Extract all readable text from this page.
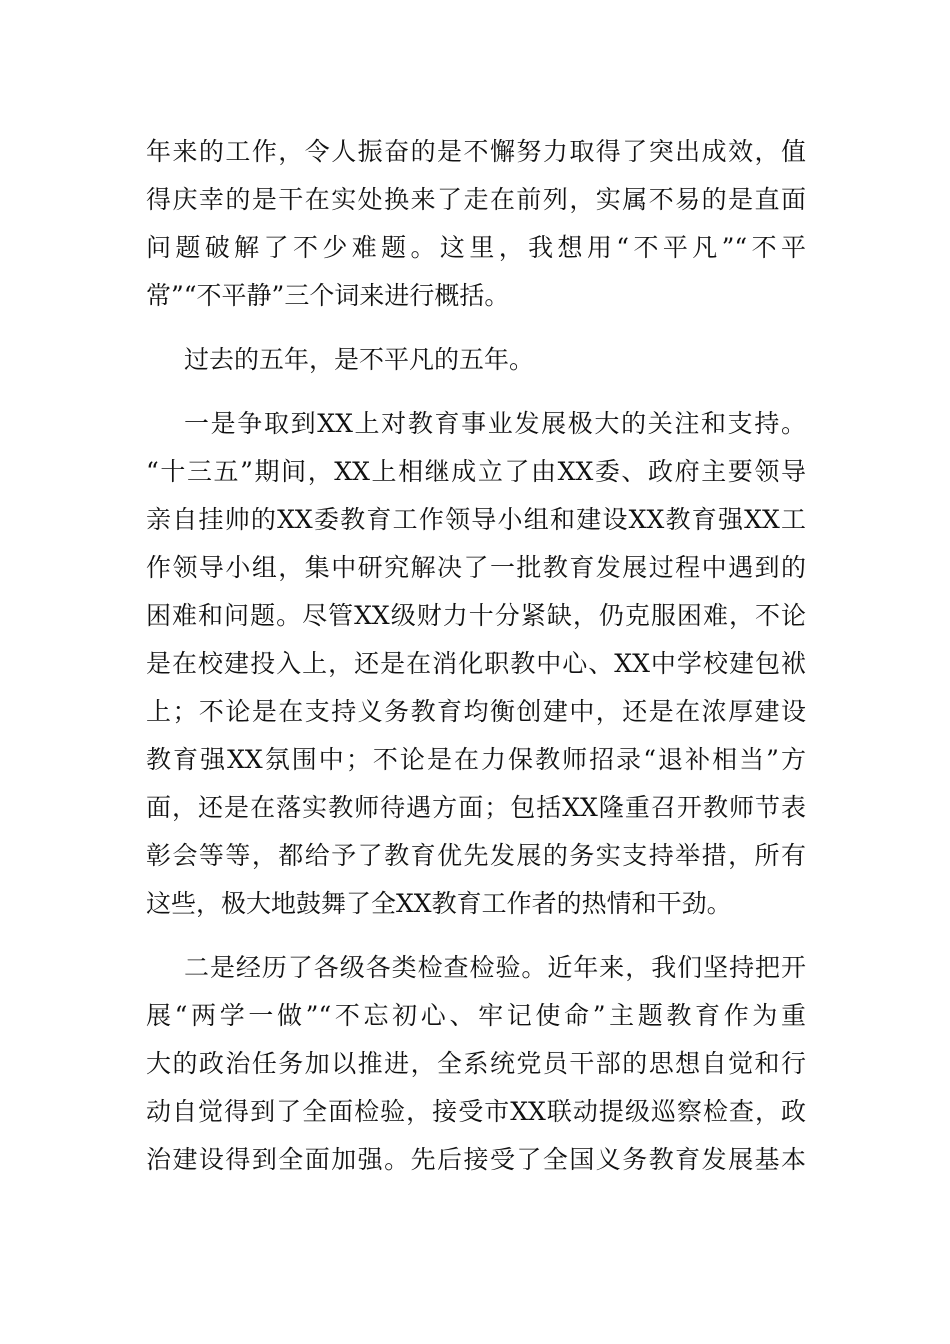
年来的工作，令人振奋的是不懈努力取得了突出成效，值
得庆幸的是干在实处换来了走在前列，实属不易的是直面
问题破解了不少难题。这里，我想用“不平凡”“不平
常”“不平静”三个词来进行概括。
过去的五年，是不平凡的五年。
一是争取到XX上对教育事业发展极大的关注和支持。
“十三五”期间，XX上相继成立了由XX委、政府主要领导
亲自挂帅的XX委教育工作领导小组和建设XX教育强XX工
作领导小组，集中研究解决了一批教育发展过程中遇到的
困难和问题。尽管XX级财力十分紧缺，仍克服困难，不论
是在校建投入上，还是在消化职教中心、XX中学校建包袱
上；不论是在支持义务教育均衡创建中，还是在浓厚建设
教育强XX氛围中；不论是在力保教师招录“退补相当”方
面，还是在落实教师待遇方面；包括XX隆重召开教师节表
彰会等等，都给予了教育优先发展的务实支持举措，所有
这些，极大地鼓舞了全XX教育工作者的热情和干劲。
二是经历了各级各类检查检验。近年来，我们坚持把开
展“两学一做”“不忘初心、牢记使命”主题教育作为重
大的政治任务加以推进，全系统党员干部的思想自觉和行
动自觉得到了全面检验，接受市XX联动提级巡察检查，政
治建设得到全面加强。先后接受了全国义务教育发展基本
